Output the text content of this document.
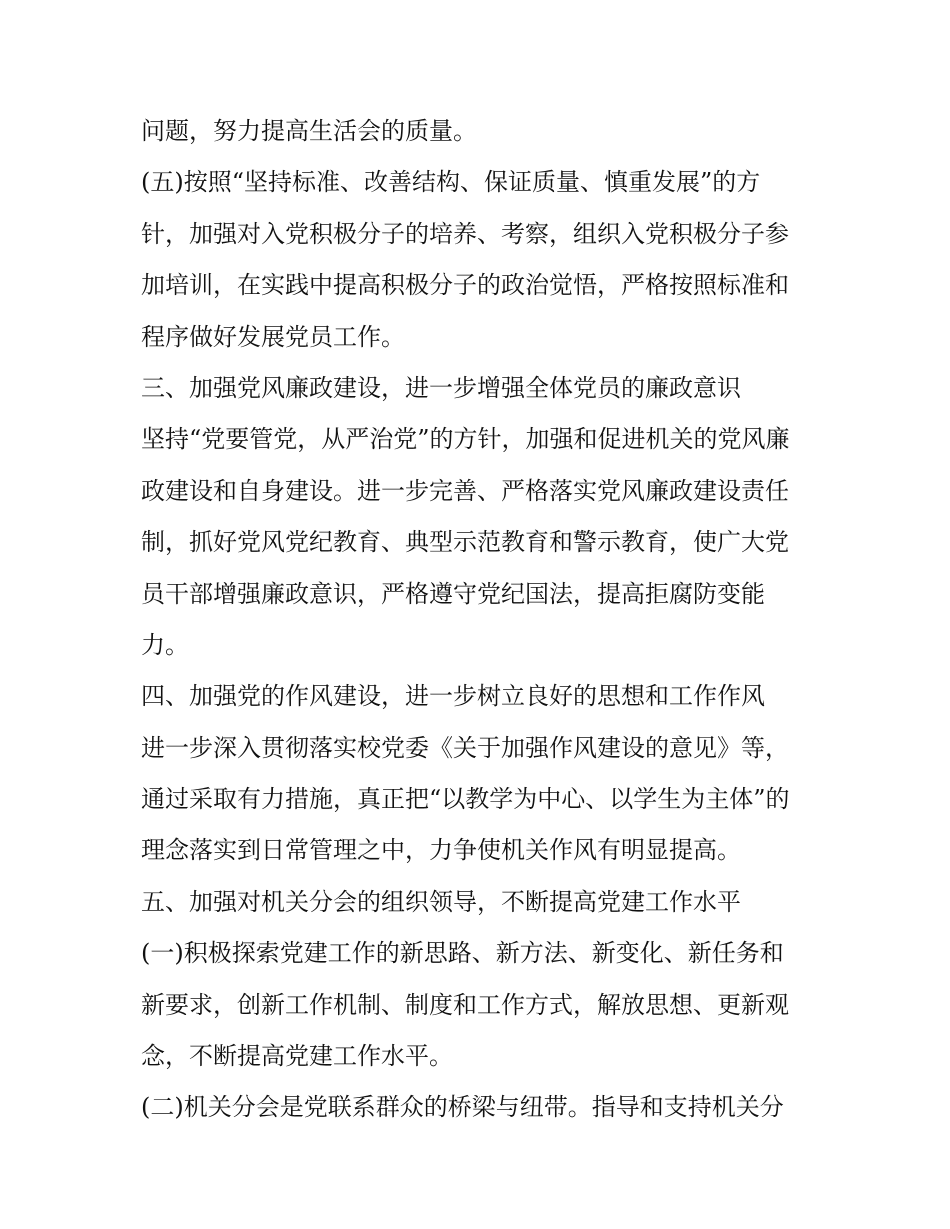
问题，努力提高生活会的质量。
(五)按照“坚持标准、改善结构、保证质量、慎重发展”的方
针，加强对入党积极分子的培养、考察，组织入党积极分子参
加培训，在实践中提高积极分子的政治觉悟，严格按照标准和
程序做好发展党员工作。
三、加强党风廉政建设，进一步增强全体党员的廉政意识
坚持“党要管党，从严治党”的方针，加强和促进机关的党风廉
政建设和自身建设。进一步完善、严格落实党风廉政建设责任
制，抓好党风党纪教育、典型示范教育和警示教育，使广大党
员干部增强廉政意识，严格遵守党纪国法，提高拒腐防变能
力。
四、加强党的作风建设，进一步树立良好的思想和工作作风
进一步深入贯彻落实校党委《关于加强作风建设的意见》等，
通过采取有力措施，真正把“以教学为中心、以学生为主体”的
理念落实到日常管理之中，力争使机关作风有明显提高。
五、加强对机关分会的组织领导，不断提高党建工作水平
(一)积极探索党建工作的新思路、新方法、新变化、新任务和
新要求，创新工作机制、制度和工作方式，解放思想、更新观
念，不断提高党建工作水平。
(二)机关分会是党联系群众的桥梁与纽带。指导和支持机关分
